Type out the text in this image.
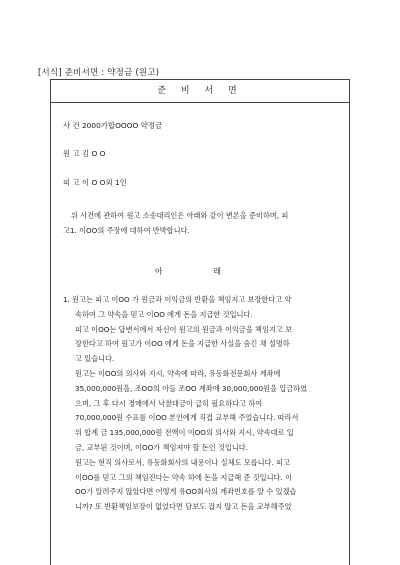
[서식] 준비서면 : 약정금 (원고)
준 비 서 면
사 건 2000가합OOOO 약정금
원 고 김 O O
피 고 이 O O외 1인
위 사건에 관하여 원고 소송대리인은 아래와 같이 변론을 준비하며, 피
고1. 이OO의 주장에 대하여 반박합니다.
아 래
1. 원고는 피고 이OO 가 원금과 이익금의 반환을 책임지고 보장한다고 약
속하여 그 약속을 믿고 이OO 에게 돈을 지급한 것입니다.
피고 이OO는 답변서에서 자신이 원고의 원금과 이익금을 책임지고 보
장한다고 하여 원고가 이OO 에게 돈을 지급한 사실을 숨긴 채 설명하
고 있습니다.
원고는 이OO의 의사와 지시, 약속에 따라, 유동화전문회사 계좌에
35,000,000원을, 조OO의 아들 조OO 계좌에 30,000,000원을 입금하였
으며, 그 후 다시 경매에서 낙찰대금이 급히 필요하다고 하여
70,000,000원 수표를 이OO 본인에게 직접 교부해 주었습니다. 따라서
위 합계 금 135,000,000원 전액이 이OO의 의사와 지시, 약속대로 입
금, 교부된 것이며, 이OO가 책임져야 할 돈인 것입니다.
원고는 현직 의사로서, 유동화회사의 내용이나 실체도 모릅니다. 피고
이OO를 믿고 그의 책임진다는 약속 하에 돈을 지급해 준 것입니다. 이
OO가 알려주지 않았다면 어떻게 유OO회사의 계좌번호를 알 수 있겠습
니까? 또 반환책임보장이 없었다면 담보도 잡지 않고 돈을 교부해주었
